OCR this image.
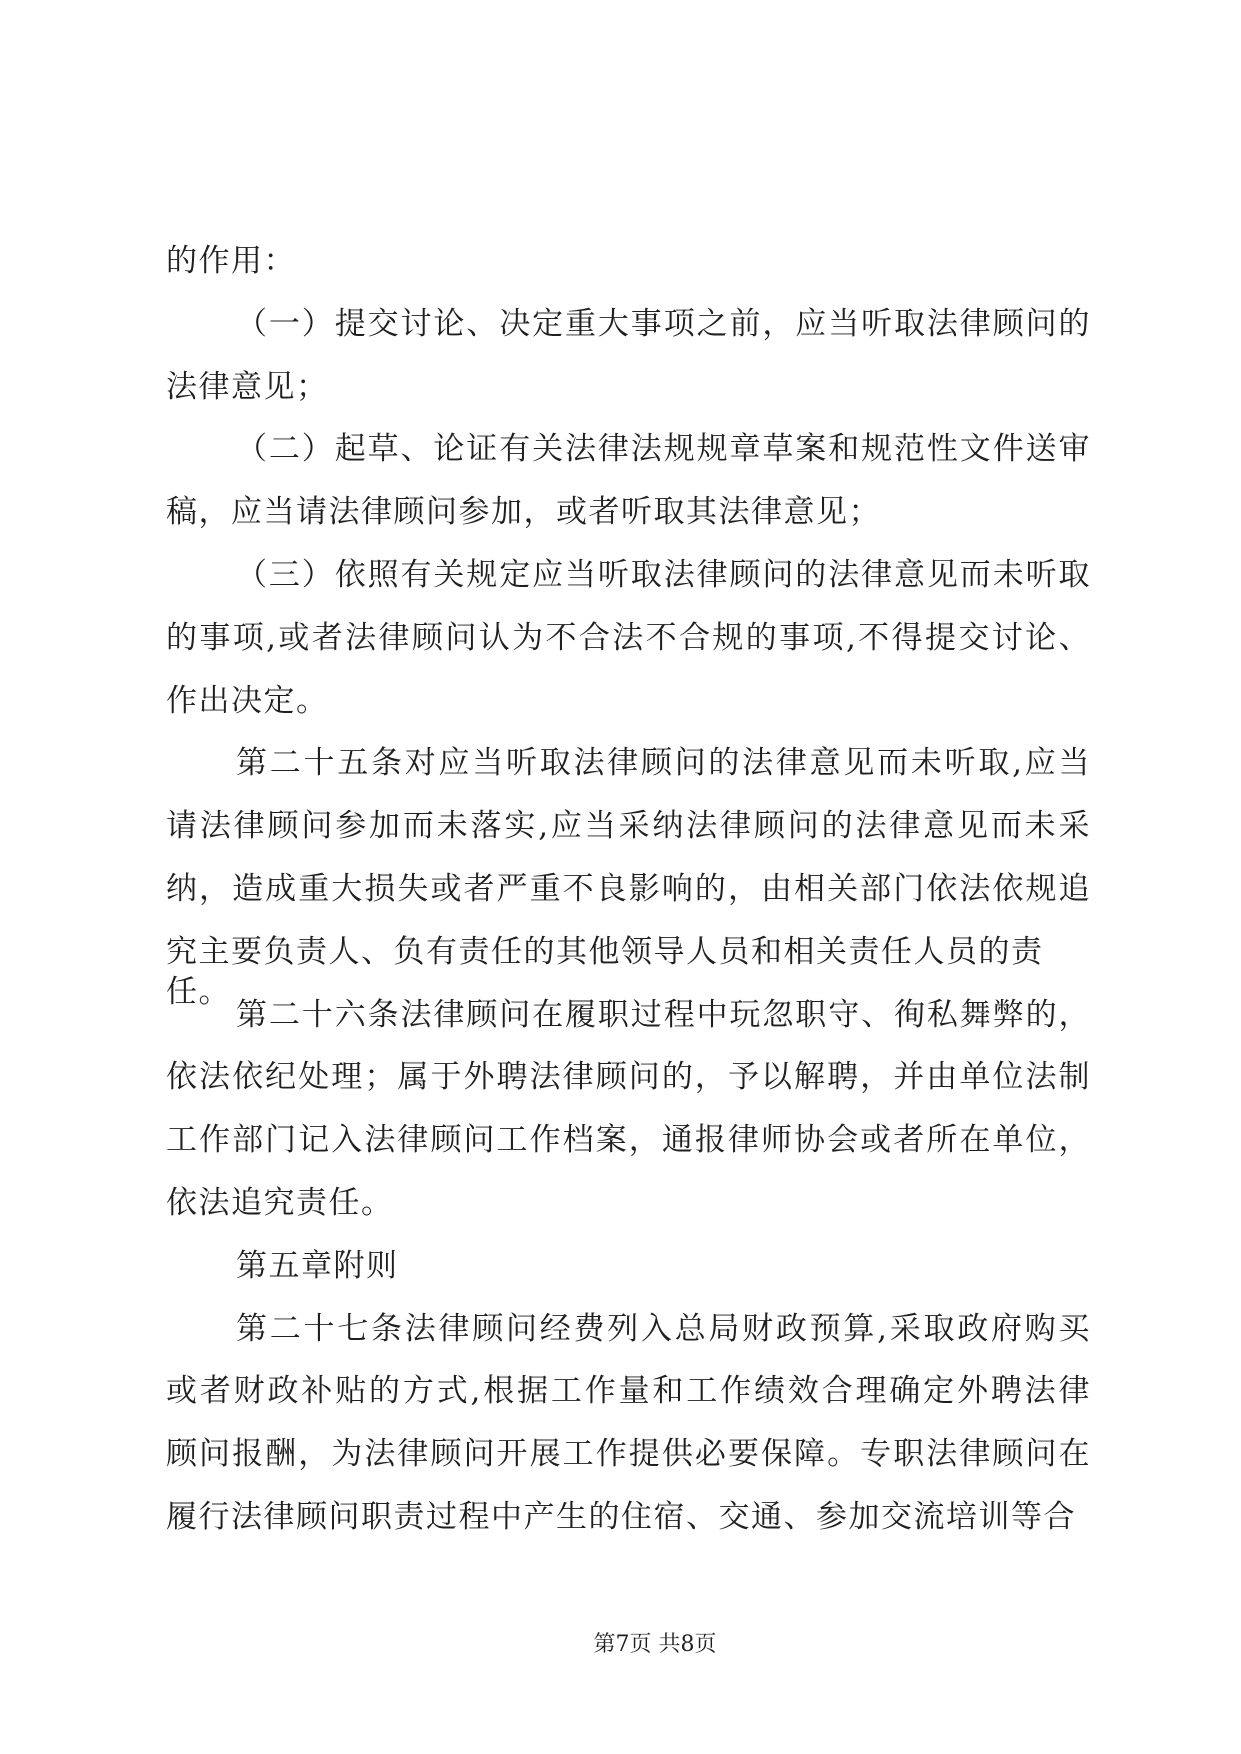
的作用：
（一）提交讨论、决定重大事项之前，应当听取法律顾问的
法律意见；
（二）起草、论证有关法律法规规章草案和规范性文件送审
稿，应当请法律顾问参加，或者听取其法律意见；
（三）依照有关规定应当听取法律顾问的法律意见而未听取
的事项,或者法律顾问认为不合法不合规的事项,不得提交讨论、
作出决定。
第二十五条对应当听取法律顾问的法律意见而未听取,应当
请法律顾问参加而未落实,应当采纳法律顾问的法律意见而未采
纳，造成重大损失或者严重不良影响的，由相关部门依法依规追
究主要负责人、负有责任的其他领导人员和相关责任人员的责任。
第二十六条法律顾问在履职过程中玩忽职守、徇私舞弊的，
依法依纪处理；属于外聘法律顾问的，予以解聘，并由单位法制
工作部门记入法律顾问工作档案，通报律师协会或者所在单位，
依法追究责任。
第五章附则
第二十七条法律顾问经费列入总局财政预算,采取政府购买
或者财政补贴的方式,根据工作量和工作绩效合理确定外聘法律
顾问报酬，为法律顾问开展工作提供必要保障。专职法律顾问在
履行法律顾问职责过程中产生的住宿、交通、参加交流培训等合
第7页 共8页
